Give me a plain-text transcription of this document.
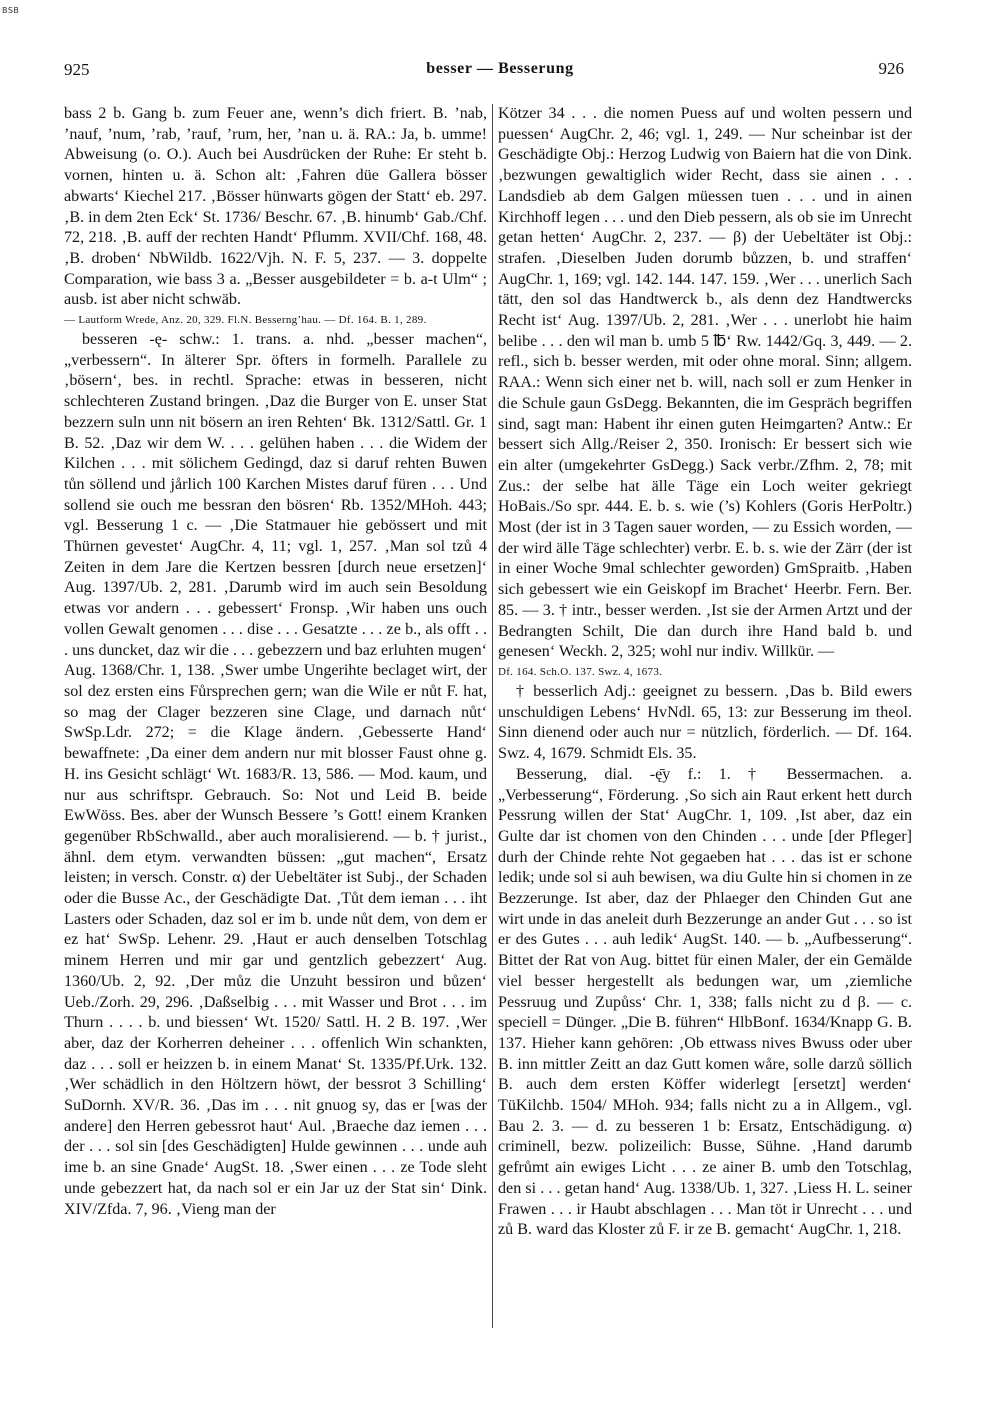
BSB
925	besser — Besserung	926

bass 2 b. Gang b. zum Feuer ane, wenn’s dich friert. B. ’nab, ’nauf, ’num, ’rab, ’rauf, ’rum, her, ’nan u. ä. RA.: Ja, b. umme! Abweisung (o. O.). Auch bei Ausdrücken der Ruhe: Er steht b. vornen, hinten u. ä. Schon alt: ‚Fahren düe Gallera bösser abwarts‘ Kiechel 217. ‚Bösser hünwarts gögen der Statt‘ eb. 297. ‚B. in dem 2ten Eck‘ St. 1736/ Beschr. 67. ‚B. hinumb‘ Gab./Chf. 72, 218. ‚B. auff der rechten Handt‘ Pflumm. XVII/Chf. 168, 48. ‚B. droben‘ NbWildb. 1622/Vjh. N. F. 5, 237. — 3. doppelte Comparation, wie bass 3 a. „Besser ausgebildeter = b. a-t Ulm“ ; ausb. ist aber nicht schwäb.

— Lautform Wrede, Anz. 20, 329. Fl.N. Besserng’hau. — Df. 164. B. 1, 289.

besseren -ę- schw.: 1. trans. a. nhd. „besser machen“, „verbessern“. In älterer Spr. öfters in formelh. Parallele zu ‚bösern‘, bes. in rechtl. Sprache: etwas in besseren, nicht schlechteren Zustand bringen. ‚Daz die Burger von E. unser Stat bezzern suln unn nit bösern an iren Rehten‘ Bk. 1312/Sattl. Gr. 1 B. 52. ‚Daz wir dem W. . . . gelühen haben . . . die Widem der Kilchen . . . mit sölichem Gedingd, daz si daruf rehten Buwen tůn söllend und jårlich 100 Karchen Mistes daruf füren . . . Und sollend sie ouch me bessran den bösren‘ Rb. 1352/MHoh. 443; vgl. Besserung 1 c. — ‚Die Statmauer hie gebössert und mit Thürnen gevestet‘ AugChr. 4, 11; vgl. 1, 257. ‚Man sol tzů 4 Zeiten in dem Jare die Kertzen bessren [durch neue ersetzen]‘ Aug. 1397/Ub. 2, 281. ‚Darumb wird im auch sein Besoldung etwas vor andern . . . gebessert‘ Fronsp. ‚Wir haben uns ouch vollen Gewalt genomen . . . dise . . . Gesatzte . . . ze b., als offt . . . uns duncket, daz wir die . . . gebezzern und baz erluhten mugen‘ Aug. 1368/Chr. 1, 138. ‚Swer umbe Ungerihte beclaget wirt, der sol dez ersten eins Fůrsprechen gern; wan die Wile er nůt F. hat, so mag der Clager bezzeren sine Clage, und darnach nůt‘ SwSp.Ldr. 272; = die Klage ändern. ‚Gebesserte Hand‘ bewaffnete: ‚Da einer dem andern nur mit blosser Faust ohne g. H. ins Gesicht schlägt‘ Wt. 1683/R. 13, 586. — Mod. kaum, und nur aus schriftspr. Gebrauch. So: Not und Leid B. beide EwWöss. Bes. aber der Wunsch Bessere ’s Gott! einem Kranken gegenüber RbSchwalld., aber auch moralisierend. — b. † jurist., ähnl. dem etym. verwandten büssen: „gut machen“, Ersatz leisten; in versch. Constr. α) der Uebeltäter ist Subj., der Schaden oder die Busse Ac., der Geschädigte Dat. ‚Tůt dem ieman . . . iht Lasters oder Schaden, daz sol er im b. unde nůt dem, von dem er ez hat‘ SwSp. Lehenr. 29. ‚Haut er auch denselben Totschlag minem Herren und mir gar und gentzlich gebezzert‘ Aug. 1360/Ub. 2, 92. ‚Der můz die Unzuht bessiron und bůzen‘ Ueb./Zorh. 29, 296. ‚Daßselbig . . . mit Wasser und Brot . . . im Thurn . . . . b. und biessen‘ Wt. 1520/ Sattl. H. 2 B. 197. ‚Wer aber, daz der Korherren deheiner . . . offenlich Win schankten, daz . . . soll er heizzen b. in einem Manat‘ St. 1335/Pf.Urk. 132. ‚Wer schädlich in den Höltzern höwt, der bessrot 3 Schilling‘ SuDornh. XV/R. 36. ‚Das im . . . nit gnuog sy, das er [was der andere] den Herren gebessrot haut‘ Aul. ‚Braeche daz iemen . . . der . . . sol sin [des Geschädigten] Hulde gewinnen . . . unde auh ime b. an sine Gnade‘ AugSt. 18. ‚Swer einen . . . ze Tode sleht unde gebezzert hat, da nach sol er ein Jar uz der Stat sin‘ Dink. XIV/Zfda. 7, 96. ‚Vieng man der

Kötzer 34 . . . die nomen Puess auf und wolten pessern und puessen‘ AugChr. 2, 46; vgl. 1, 249. — Nur scheinbar ist der Geschädigte Obj.: Herzog Ludwig von Baiern hat die von Dink. ‚bezwungen gewaltiglich wider Recht, dass sie ainen . . . Landsdieb ab dem Galgen müessen tuen . . . und in ainen Kirchhoff legen . . . und den Dieb pessern, als ob sie im Unrecht getan hetten‘ AugChr. 2, 237. — β) der Uebeltäter ist Obj.: strafen. ‚Dieselben Juden dorumb bůzzen, b. und straffen‘ AugChr. 1, 169; vgl. 142. 144. 147. 159. ‚Wer . . . unerlich Sach tätt, den sol das Handtwerck b., als denn dez Handtwercks Recht ist‘ Aug. 1397/Ub. 2, 281. ‚Wer . . . unerlobt hie haim belibe . . . den wil man b. umb 5 ℔‘ Rw. 1442/Gq. 3, 449. — 2. refl., sich b. besser werden, mit oder ohne moral. Sinn; allgem. RAA.: Wenn sich einer net b. will, nach soll er zum Henker in die Schule gaun GsDegg. Bekannten, die im Gespräch begriffen sind, sagt man: Habent ihr einen guten Heimgarten? Antw.: Er bessert sich Allg./Reiser 2, 350. Ironisch: Er bessert sich wie ein alter (umgekehrter GsDegg.) Sack verbr./Zfhm. 2, 78; mit Zus.: der selbe hat älle Täge ein Loch weiter gekriegt HoBais./So spr. 444. E. b. s. wie (’s) Kohlers (Goris HerPoltr.) Most (der ist in 3 Tagen sauer worden, — zu Essich worden, — der wird älle Täge schlechter) verbr. E. b. s. wie der Zärr (der ist in einer Woche 9mal schlechter geworden) GmSpraitb. ‚Haben sich gebessert wie ein Geiskopf im Brachet‘ Heerbr. Fern. Ber. 85. — 3. † intr., besser werden. ‚Ist sie der Armen Artzt und der Bedrangten Schilt, Die dan durch ihre Hand bald b. und genesen‘ Weckh. 2, 325; wohl nur indiv. Willkür. —

Df. 164. Sch.O. 137. Swz. 4, 1673.

† besserlich Adj.: geeignet zu bessern. ‚Das b. Bild ewers unschuldigen Lebens‘ HvNdl. 65, 13: zur Besserung im theol. Sinn dienend oder auch nur = nützlich, förderlich. — Df. 164. Swz. 4, 1679. Schmidt Els. 35.

Besserung, dial. -ę̄y f.: 1. † Bessermachen. a. „Verbesserung“, Förderung. ‚So sich ain Raut erkent hett durch Pessrung willen der Stat‘ AugChr. 1, 109. ‚Ist aber, daz ein Gulte dar ist chomen von den Chinden . . . unde [der Pfleger] durh der Chinde rehte Not gegaeben hat . . . das ist er schone ledik; unde sol si auh bewisen, wa diu Gulte hin si chomen in ze Bezzerunge. Ist aber, daz der Phlaeger den Chinden Gut ane wirt unde in das aneleit durh Bezzerunge an ander Gut . . . so ist er des Gutes . . . auh ledik‘ AugSt. 140. — b. „Aufbesserung“. Bittet der Rat von Aug. bittet für einen Maler, der ein Gemälde viel besser hergestellt als bedungen war, um ‚ziemliche Pessruug und Zupůss‘ Chr. 1, 338; falls nicht zu d β. — c. speciell = Dünger. „Die B. führen“ HlbBonf. 1634/Knapp G. B. 137. Hieher kann gehören: ‚Ob ettwass nives Bwuss oder uber B. inn mittler Zeitt an daz Gutt komen wåre, solle darzů söllich B. auch dem ersten Köffer widerlegt [ersetzt] werden‘ TüKilchb. 1504/ MHoh. 934; falls nicht zu a in Allgem., vgl. Bau 2. 3. — d. zu besseren 1 b: Ersatz, Entschädigung. α) criminell, bezw. polizeilich: Busse, Sühne. ‚Hand darumb gefrůmt ain ewiges Licht . . . ze ainer B. umb den Totschlag, den si . . . getan hand‘ Aug. 1338/Ub. 1, 327. ‚Liess H. L. seiner Frawen . . . ir Haubt abschlagen . . . Man töt ir Unrecht . . . und zů B. ward das Kloster zů F. ir ze B. gemacht‘ AugChr. 1, 218.
